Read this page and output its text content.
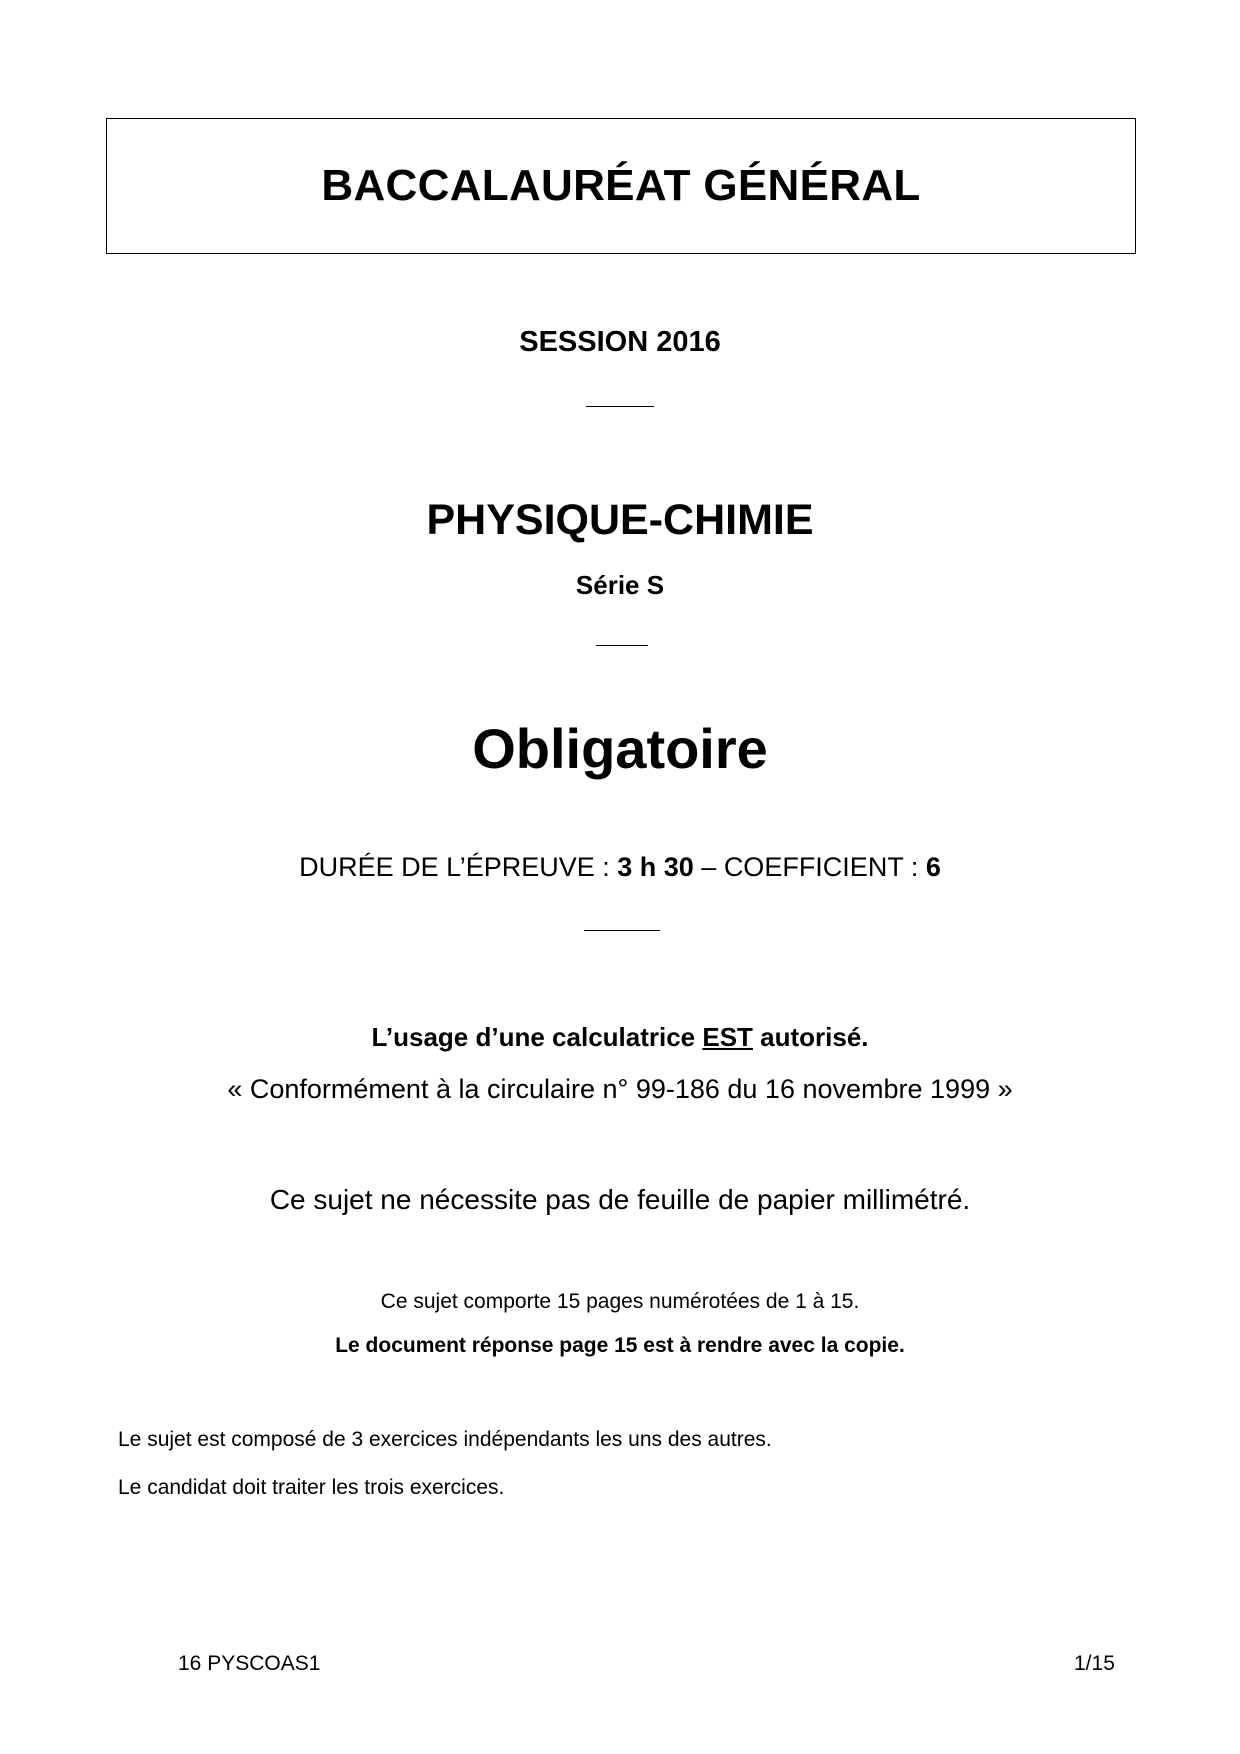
BACCALAURÉAT GÉNÉRAL
SESSION 2016
PHYSIQUE-CHIMIE
Série S
Obligatoire
DURÉE DE L’ÉPREUVE : 3 h 30 – COEFFICIENT : 6
L’usage d’une calculatrice EST autorisé.
« Conformément à la circulaire n° 99-186 du 16 novembre 1999 »
Ce sujet ne nécessite pas de feuille de papier millimétré.
Ce sujet comporte 15 pages numérotées de 1 à 15.
Le document réponse page 15 est à rendre avec la copie.
Le sujet est composé de 3 exercices indépendants les uns des autres.
Le candidat doit traiter les trois exercices.
16 PYSCOAS1	1/15
